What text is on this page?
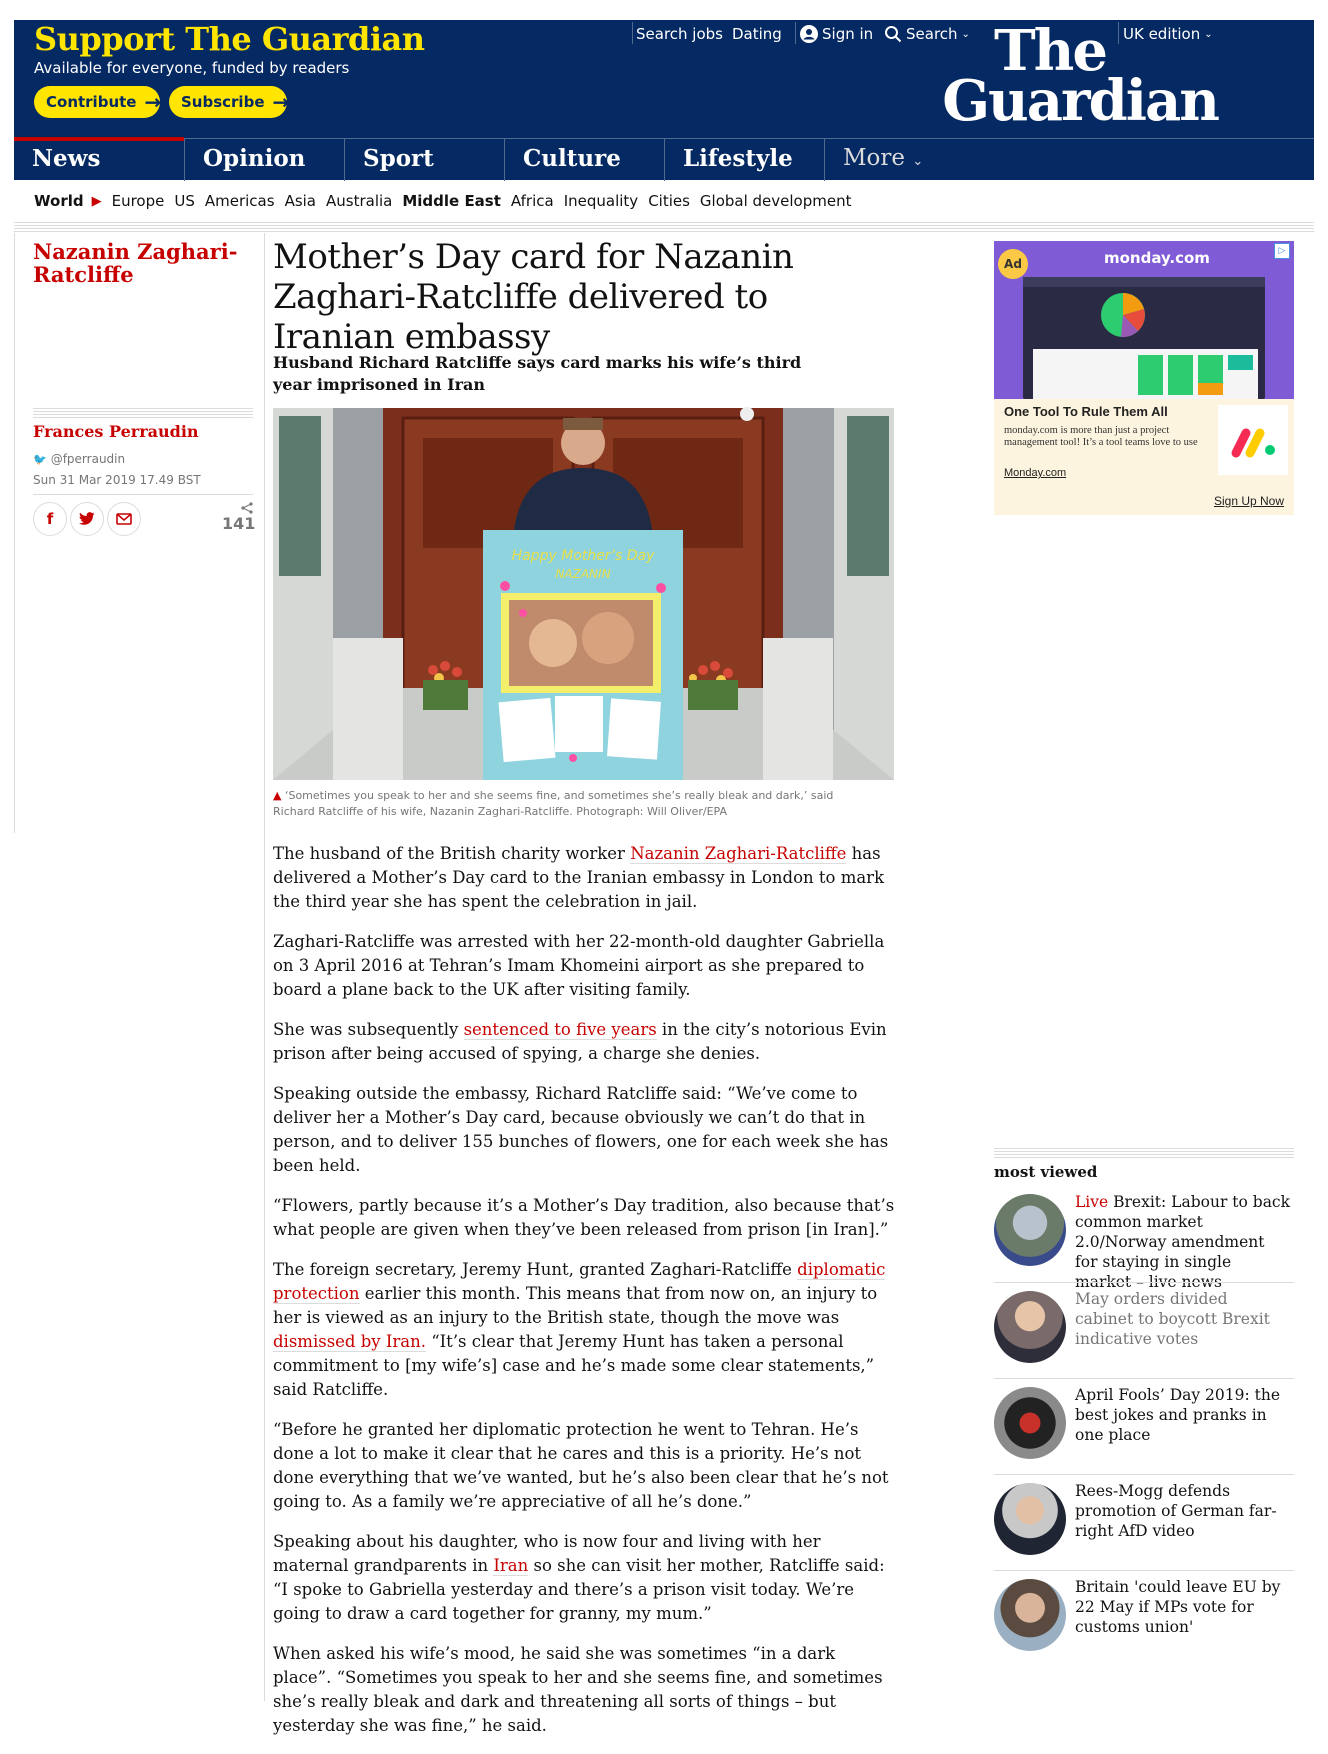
Support The Guardian
Available for everyone, funded by readers
Contribute → Subscribe →
Search jobs Dating	Sign in Search ⌄	UK edition ⌄
The
Guardian
News	Opinion	Sport	Culture	Lifestyle	More ⌄
World ▶ Europe US Americas Asia Australia Middle East Africa Inequality Cities Global development
Nazanin Zaghari-Ratcliffe
Frances Perraudin
🐦 @fperraudin
Sun 31 Mar 2019 17.49 BST
f	141
Mother’s Day card for Nazanin Zaghari-Ratcliffe delivered to Iranian embassy
Husband Richard Ratcliffe says card marks his wife’s third year imprisoned in Iran
Happy Mother’s Day
NAZANIN
▲ ‘Sometimes you speak to her and she seems fine, and sometimes she’s really bleak and dark,’ said Richard Ratcliffe of his wife, Nazanin Zaghari-Ratcliffe. Photograph: Will Oliver/EPA

The husband of the British charity worker Nazanin Zaghari-Ratcliffe has delivered a Mother’s Day card to the Iranian embassy in London to mark the third year she has spent the celebration in jail.

Zaghari-Ratcliffe was arrested with her 22-month-old daughter Gabriella on 3 April 2016 at Tehran’s Imam Khomeini airport as she prepared to board a plane back to the UK after visiting family.

She was subsequently sentenced to five years in the city’s notorious Evin prison after being accused of spying, a charge she denies.

Speaking outside the embassy, Richard Ratcliffe said: “We’ve come to deliver her a Mother’s Day card, because obviously we can’t do that in person, and to deliver 155 bunches of flowers, one for each week she has been held.

“Flowers, partly because it’s a Mother’s Day tradition, also because that’s what people are given when they’ve been released from prison [in Iran].”

The foreign secretary, Jeremy Hunt, granted Zaghari-Ratcliffe diplomatic protection earlier this month. This means that from now on, an injury to her is viewed as an injury to the British state, though the move was dismissed by Iran. “It’s clear that Jeremy Hunt has taken a personal commitment to [my wife’s] case and he’s made some clear statements,” said Ratcliffe.

“Before he granted her diplomatic protection he went to Tehran. He’s done a lot to make it clear that he cares and this is a priority. He’s not done everything that we’ve wanted, but he’s also been clear that he’s not going to. As a family we’re appreciative of all he’s done.”

Speaking about his daughter, who is now four and living with her maternal grandparents in Iran so she can visit her mother, Ratcliffe said: “I spoke to Gabriella yesterday and there’s a prison visit today. We’re going to draw a card together for granny, my mum.”

When asked his wife’s mood, he said she was sometimes “in a dark place”. “Sometimes you speak to her and she seems fine, and sometimes she’s really bleak and dark and threatening all sorts of things – but yesterday she was fine,” he said.

monday.com
Ad
▷
One Tool To Rule Them All
monday.com is more than just a project management tool! It’s a tool teams love to use
Monday.com
Sign Up Now
most viewed
Live Brexit: Labour to back common market 2.0/Norway amendment for staying in single market – live news
May orders divided cabinet to boycott Brexit indicative votes
April Fools’ Day 2019: the best jokes and pranks in one place
Rees-Mogg defends promotion of German far-right AfD video
Britain 'could leave EU by 22 May if MPs vote for customs union'
